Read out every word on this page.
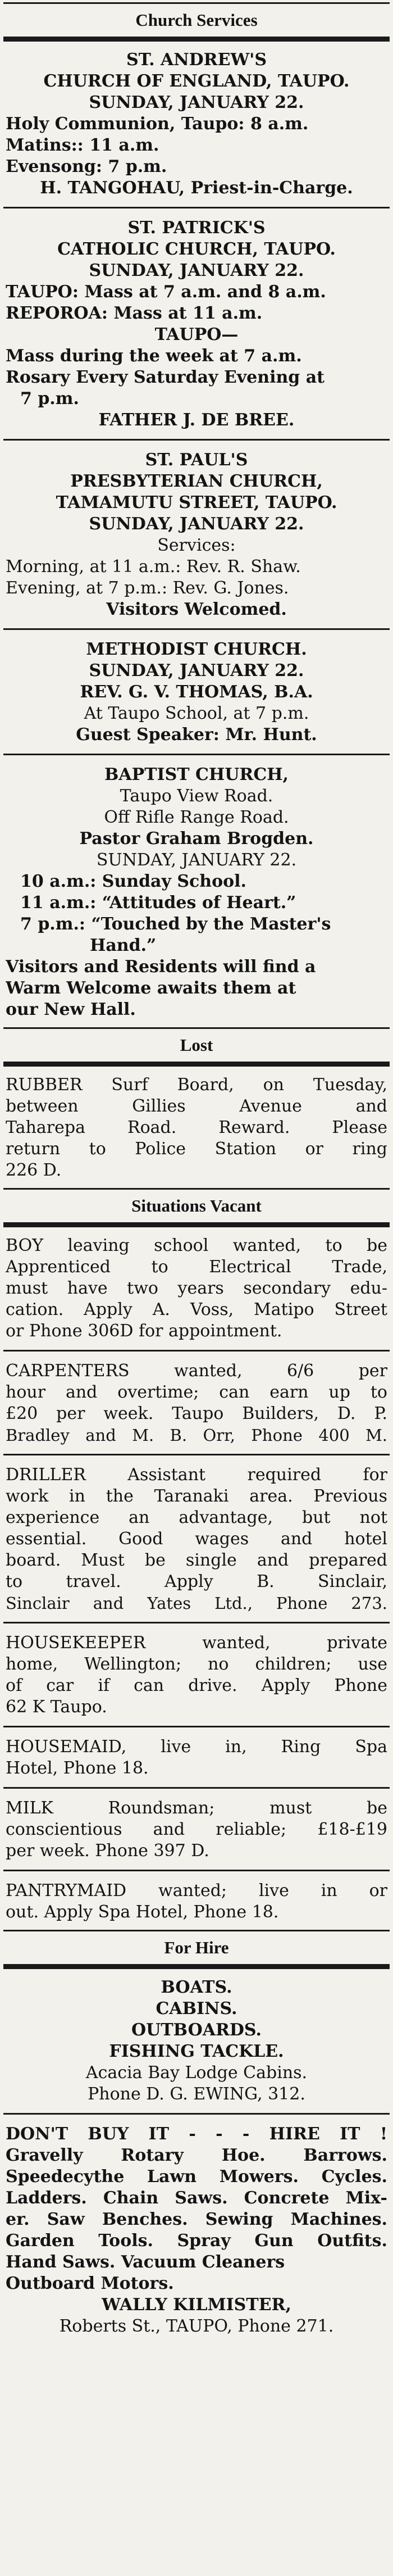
Church Services
ST. ANDREW'S
CHURCH OF ENGLAND, TAUPO.
SUNDAY, JANUARY 22.
Holy Communion, Taupo: 8 a.m.
Matins:: 11 a.m.
Evensong: 7 p.m.
H. TANGOHAU, Priest-in-Charge.
ST. PATRICK'S
CATHOLIC CHURCH, TAUPO.
SUNDAY, JANUARY 22.
TAUPO: Mass at 7 a.m. and 8 a.m.
REPOROA: Mass at 11 a.m.
TAUPO—
Mass during the week at 7 a.m.
Rosary Every Saturday Evening at
7 p.m.
FATHER J. DE BREE.
ST. PAUL'S
PRESBYTERIAN CHURCH,
TAMAMUTU STREET, TAUPO.
SUNDAY, JANUARY 22.
Services:
Morning, at 11 a.m.: Rev. R. Shaw.
Evening, at 7 p.m.: Rev. G. Jones.
Visitors Welcomed.
METHODIST CHURCH.
SUNDAY, JANUARY 22.
REV. G. V. THOMAS, B.A.
At Taupo School, at 7 p.m.
Guest Speaker: Mr. Hunt.
BAPTIST CHURCH,
Taupo View Road.
Off Rifle Range Road.
Pastor Graham Brogden.
SUNDAY, JANUARY 22.
10 a.m.: Sunday School.
11 a.m.: “Attitudes of Heart.”
7 p.m.: “Touched by the Master's
Hand.”
Visitors and Residents will find a
Warm Welcome awaits them at
our New Hall.
Lost
RUBBER Surf Board, on Tuesday,
between Gillies Avenue and
Taharepa Road. Reward. Please
return to Police Station or ring
226 D.
Situations Vacant
BOY leaving school wanted, to be
Apprenticed to Electrical Trade,
must have two years secondary edu-
cation. Apply A. Voss, Matipo Street
or Phone 306D for appointment.
CARPENTERS wanted, 6/6 per
hour and overtime; can earn up to
£20 per week. Taupo Builders, D. P.
Bradley and M. B. Orr, Phone 400 M.
DRILLER Assistant required for
work in the Taranaki area. Previous
experience an advantage, but not
essential. Good wages and hotel
board. Must be single and prepared
to travel. Apply B. Sinclair,
Sinclair and Yates Ltd., Phone 273.
HOUSEKEEPER wanted, private
home, Wellington; no children; use
of car if can drive. Apply Phone
62 K Taupo.
HOUSEMAID, live in, Ring Spa
Hotel, Phone 18.
MILK Roundsman; must be
conscientious and reliable; £18-£19
per week. Phone 397 D.
PANTRYMAID wanted; live in or
out. Apply Spa Hotel, Phone 18.
For Hire
BOATS.
CABINS.
OUTBOARDS.
FISHING TACKLE.
Acacia Bay Lodge Cabins.
Phone D. G. EWING, 312.
DON'T BUY IT - - - HIRE IT !
Gravelly Rotary Hoe. Barrows.
Speedecythe Lawn Mowers. Cycles.
Ladders. Chain Saws. Concrete Mix-
er. Saw Benches. Sewing Machines.
Garden Tools. Spray Gun Outfits.
Hand Saws. Vacuum Cleaners
Outboard Motors.
WALLY KILMISTER,
Roberts St., TAUPO, Phone 271.
